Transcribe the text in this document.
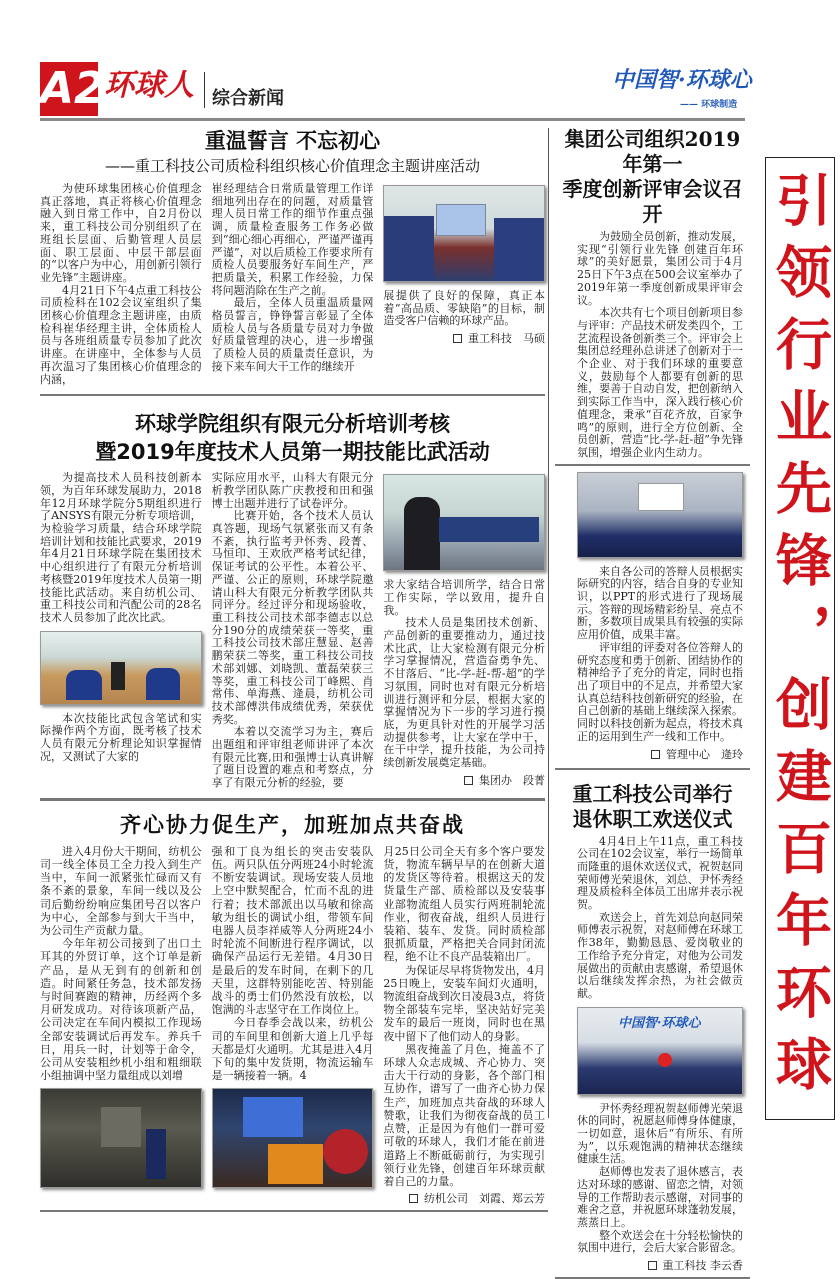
A2 环球人 综合新闻
中国智·环球心
—— 环球制造
引领行业先锋，创建百年环球
重温誓言 不忘初心
——重工科技公司质检科组织核心价值理念主题讲座活动

为使环球集团核心价值理念真正落地，真正将核心价值理念融入到日常工作中，自2月份以来，重工科技公司分别组织了在班组长层面、后勤管理人员层面、职工层面、中层干部层面的“以客户为中心，用创新引领行业先锋”主题讲座。

4月21日下午4点重工科技公司质检科在102会议室组织了集团核心价值理念主题讲座，由质检科崔华经理主讲，全体质检人员与各班组质量专员参加了此次讲座。在讲座中，全体参与人员再次温习了集团核心价值理念的内涵，

崔经理结合日常质量管理工作详细地列出存在的问题，对质量管理人员日常工作的细节作重点强调，质量检查服务工作务必做到“细心细心再细心，严谨严谨再严谨”，对以后质检工作要求所有质检人员要服务好车间生产，严把质量关，积累工作经验，力保将问题消除在生产之前。

最后，全体人员重温质量网格员誓言，铮铮誓言彰显了全体质检人员与各质量专员对力争做好质量管理的决心，进一步增强了质检人员的质量责任意识，为接下来车间大干工作的继续开

展提供了良好的保障，真正本着“高品质、零缺陷”的目标，制造受客户信赖的环球产品。

重工科技　马硕
环球学院组织有限元分析培训考核
暨2019年度技术人员第一期技能比武活动

为提高技术人员科技创新本领，为百年环球发展助力，2018年12月环球学院分5期组织进行了ANSYS有限元分析专项培训，为检验学习质量，结合环球学院培训计划和技能比武要求，2019年4月21日环球学院在集团技术中心组织进行了有限元分析培训考核暨2019年度技术人员第一期技能比武活动。来自纺机公司、重工科技公司和汽配公司的28名技术人员参加了此次比武。

本次技能比武包含笔试和实际操作两个方面，既考核了技术人员有限元分析理论知识掌握情况，又测试了大家的

实际应用水平，山科大有限元分析教学团队陈广庆教授和田和强博士出题并进行了试卷评分。

比赛开始，各个技术人员认真答题，现场气氛紧张而又有条不紊，执行监考尹怀秀、段菁、马恒印、王欢欣严格考试纪律，保证考试的公平性。本着公平、严谨、公正的原则，环球学院邀请山科大有限元分析教学团队共同评分。经过评分和现场验收，重工科技公司技术部李德志以总分190分的成绩荣获一等奖，重工科技公司技术部庄慧显、赵善鹏荣获二等奖，重工科技公司技术部刘娜、刘晓凯、董磊荣获三等奖，重工科技公司丁峰熙、肖常伟、单海燕、逄晨，纺机公司技术部傅洪伟成绩优秀，荣获优秀奖。

本着以交流学习为主，赛后出题组和评审组老师讲评了本次有限元比赛,田和强博士认真讲解了题目设置的难点和考察点，分享了有限元分析的经验，要

求大家结合培训所学，结合日常工作实际，学以致用，提升自我。

技术人员是集团技术创新、产品创新的重要推动力，通过技术比武，让大家检测有限元分析学习掌握情况，营造奋勇争先、不甘落后、“比-学-赶-帮-超”的学习氛围，同时也对有限元分析培训进行测评和分层，根据大家的掌握情况为下一步的学习进行摸底，为更具针对性的开展学习活动提供参考，让大家在学中干，在干中学，提升技能，为公司持续创新发展奠定基础。

集团办　段菁
齐心协力促生产，加班加点共奋战

进入4月份大干期间，纺机公司一线全体员工全力投入到生产当中，车间一派紧张忙碌而又有条不紊的景象，车间一线以及公司后勤纷纷响应集团号召以客户为中心，全部参与到大干当中，为公司生产贡献力量。

今年年初公司接到了出口土耳其的外贸订单，这个订单是新产品，是从无到有的创新和创造。时间紧任务急，技术部发扬与时间赛跑的精神，历经两个多月研发成功。对待该项新产品，公司决定在车间内模拟工作现场全部安装调试后再发车。养兵千日，用兵一时，计划等于命令，公司从安装粗纱机小组和粗细联小组抽调中坚力量组成以刘增

强和丁良为组长的突击安装队伍。两只队伍分两班24小时轮流不断安装调试。现场安装人员地上空中默契配合，忙而不乱的进行着；技术部派出以马敏和徐高敏为组长的调试小组，带领车间电器人员李祥威等人分两班24小时轮流不间断进行程序调试，以确保产品运行无差错。4月30日是最后的发车时间，在剩下的几天里，这群特别能吃苦、特别能战斗的勇士们仍然没有放松，以饱满的斗志坚守在工作岗位上。

今日春季会战以来，纺机公司的车间里和创新大道上几乎每天都是灯火通明。尤其是进入4月下旬的集中发货期，物流运输车是一辆接着一辆。4

月25日公司全天有多个客户要发货，物流车辆早早的在创新大道的发货区等待着。根据这天的发货量生产部、质检部以及安装事业部物流组人员实行两班制轮流作业，彻夜奋战，组织人员进行装箱、装车、发货。同时质检部狠抓质量，严格把关合同封闭流程，绝不让不良产品装箱出厂。

为保证尽早将货物发出，4月25日晚上，安装车间灯火通明，物流组奋战到次日凌晨3点，将货物全部装车完毕，坚决站好完美发车的最后一班岗，同时也在黑夜中留下了他们动人的身影。

黑夜掩盖了月色，掩盖不了环球人众志成城、齐心协力、突击大干行动的身影，各个部门相互协作，谱写了一曲齐心协力保生产，加班加点共奋战的环球人赞歌，让我们为彻夜奋战的员工点赞，正是因为有他们一群可爱可敬的环球人，我们才能在前进道路上不断砥砺前行，为实现引领行业先锋，创建百年环球贡献着自己的力量。

纺机公司　刘霞、郑云芳
集团公司组织2019年第一
季度创新评审会议召开

为鼓励全员创新，推动发展，实现“引领行业先锋 创建百年环球”的美好愿景，集团公司于4月25日下午3点在500会议室举办了2019年第一季度创新成果评审会议。

本次共有七个项目创新项目参与评审：产品技术研发类四个，工艺流程设备创新类三个。评审会上集团总经理孙总讲述了创新对于一个企业、对于我们环球的重要意义，鼓励每个人都要有创新的思维，要善于自动自发，把创新纳入到实际工作当中，深入践行核心价值理念，秉承“百花齐放，百家争鸣”的原则，进行全方位创新、全员创新，营造“比-学-赶-超”争先锋氛围，增强企业内生动力。

来自各公司的答辩人员根据实际研究的内容，结合自身的专业知识，以PPT的形式进行了现场展示。答辩的现场精彩纷呈、亮点不断，多数项目成果具有较强的实际应用价值，成果丰富。

评审组的评委对各位答辩人的研究态度和勇于创新、团结协作的精神给予了充分的肯定，同时也指出了项目中的不足点，并希望大家认真总结科技创新研究的经验，在自己创新的基础上继续深入探索。同时以科技创新为起点，将技术真正的运用到生产一线和工作中。

管理中心　逄玲
重工科技公司举行
退休职工欢送仪式

4月4日上午11点，重工科技公司在102会议室，举行一场简单而隆重的退休欢送仪式，祝贺赵同荣师傅光荣退休，刘总、尹怀秀经理及质检科全体员工出席并表示祝贺。

欢送会上，首先刘总向赵同荣师傅表示祝贺，对赵师傅在环球工作38年，勤勤恳恳、爱岗敬业的工作给予充分肯定，对他为公司发展做出的贡献由衷感谢，希望退休以后继续发挥余热，为社会做贡献。

中国智·环球心

尹怀秀经理祝贺赵师傅光荣退休的同时，祝愿赵师傅身体健康，一切如意，退休后“有所乐、有所为”，以乐观饱满的精神状态继续健康生活。

赵师傅也发表了退休感言，表达对环球的感谢、留恋之情，对领导的工作帮助表示感谢，对同事的难舍之意，并祝愿环球蓬勃发展，蒸蒸日上。

整个欢送会在十分轻松愉快的氛围中进行，会后大家合影留念。

重工科技 李云香
